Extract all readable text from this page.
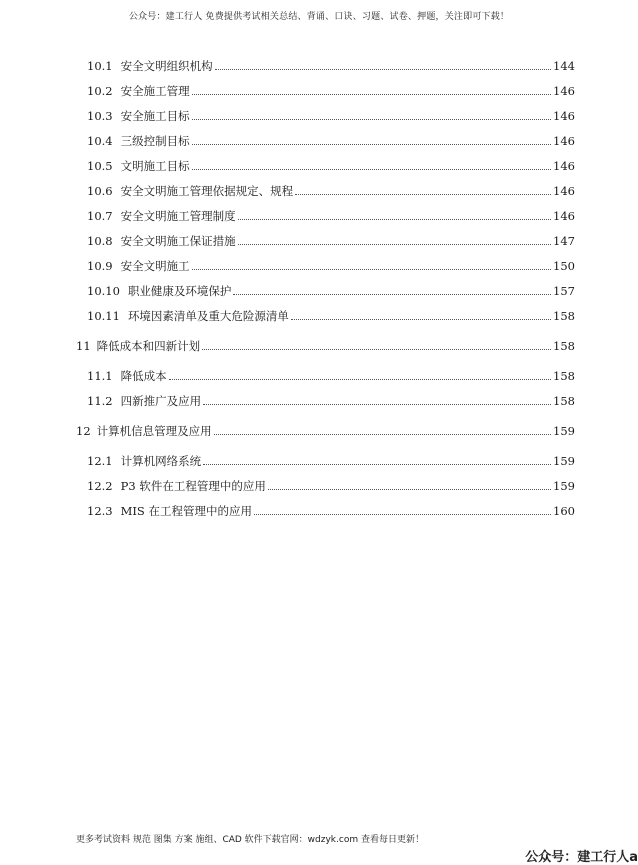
公众号：建工行人 免费提供考试相关总结、背诵、口诀、习题、试卷、押题，关注即可下载！
10.1 安全文明组织机构	144
10.2 安全施工管理	146
10.3 安全施工目标	146
10.4 三级控制目标	146
10.5 文明施工目标	146
10.6 安全文明施工管理依据规定、规程	146
10.7 安全文明施工管理制度	146
10.8 安全文明施工保证措施	147
10.9 安全文明施工	150
10.10 职业健康及环境保护	157
10.11 环境因素清单及重大危险源清单	158
11 降低成本和四新计划	158
11.1 降低成本	158
11.2 四新推广及应用	158
12 计算机信息管理及应用	159
12.1 计算机网络系统	159
12.2 P3 软件在工程管理中的应用	159
12.3 MIS 在工程管理中的应用	160
更多考试资料 规范 图集 方案 施组、CAD 软件下载官网：wdzyk.com 查看每日更新！
公众号：建工行人a
